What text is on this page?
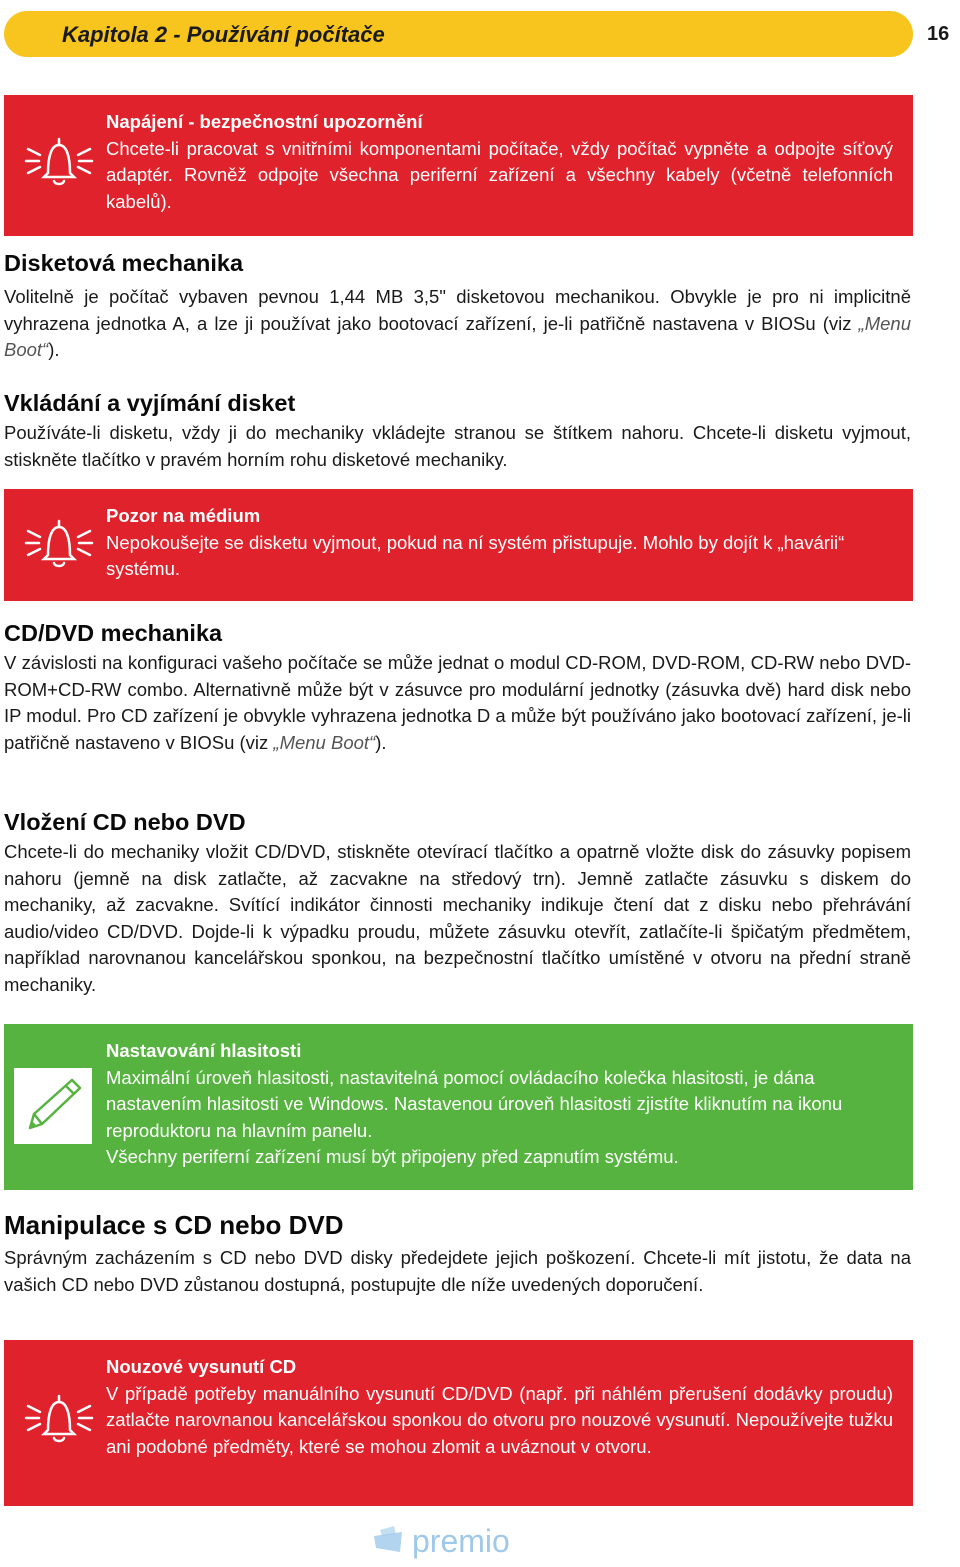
Kapitola 2 - Používání počítače	16

Napájení - bezpečnostní upozornění

Chcete-li pracovat s vnitřními komponentami počítače, vždy počítač vypněte a odpojte síťový adaptér. Rovněž odpojte všechna periferní zařízení a všechny kabely (včetně telefonních kabelů).

Disketová mechanika

Volitelně je počítač vybaven pevnou 1,44 MB 3,5" disketovou mechanikou. Obvykle je pro ni implicitně vyhrazena jednotka A, a lze ji používat jako bootovací zařízení, je-li patřičně nastavena v BIOSu (viz „Menu Boot“).

Vkládání a vyjímání disket

Používáte-li disketu, vždy ji do mechaniky vkládejte stranou se štítkem nahoru. Chcete-li disketu vyjmout, stiskněte tlačítko v pravém horním rohu disketové mechaniky.

Pozor na médium

Nepokoušejte se disketu vyjmout, pokud na ní systém přistupuje. Mohlo by dojít k „havárii“ systému.

CD/DVD mechanika

V závislosti na konfiguraci vašeho počítače se může jednat o modul CD-ROM, DVD-ROM, CD-RW nebo DVD-ROM+CD-RW combo. Alternativně může být v zásuvce pro modulární jednotky (zásuvka dvě) hard disk nebo IP modul. Pro CD zařízení je obvykle vyhrazena jednotka D a může být používáno jako bootovací zařízení, je-li patřičně nastaveno v BIOSu (viz „Menu Boot“).

Vložení CD nebo DVD

Chcete-li do mechaniky vložit CD/DVD, stiskněte otevírací tlačítko a opatrně vložte disk do zásuvky popisem nahoru (jemně na disk zatlačte, až zacvakne na středový trn). Jemně zatlačte zásuvku s diskem do mechaniky, až zacvakne. Svítící indikátor činnosti mechaniky indikuje čtení dat z disku nebo přehrávání audio/video CD/DVD. Dojde-li k výpadku proudu, můžete zásuvku otevřít, zatlačíte-li špičatým předmětem, například narovnanou kancelářskou sponkou, na bezpečnostní tlačítko umístěné v otvoru na přední straně mechaniky.

Nastavování hlasitosti

Maximální úroveň hlasitosti, nastavitelná pomocí ovládacího kolečka hlasitosti, je dána nastavením hlasitosti ve Windows. Nastavenou úroveň hlasitosti zjistíte kliknutím na ikonu reproduktoru na hlavním panelu.

Všechny periferní zařízení musí být připojeny před zapnutím systému.

Manipulace s CD nebo DVD

Správným zacházením s CD nebo DVD disky předejdete jejich poškození. Chcete-li mít jistotu, že data na vašich CD nebo DVD zůstanou dostupná, postupujte dle níže uvedených doporučení.

Nouzové vysunutí CD

V případě potřeby manuálního vysunutí CD/DVD (např. při náhlém přerušení dodávky proudu) zatlačte narovnanou kancelářskou sponkou do otvoru pro nouzové vysunutí. Nepoužívejte tužku ani podobné předměty, které se mohou zlomit a uváznout v otvoru.

premio
